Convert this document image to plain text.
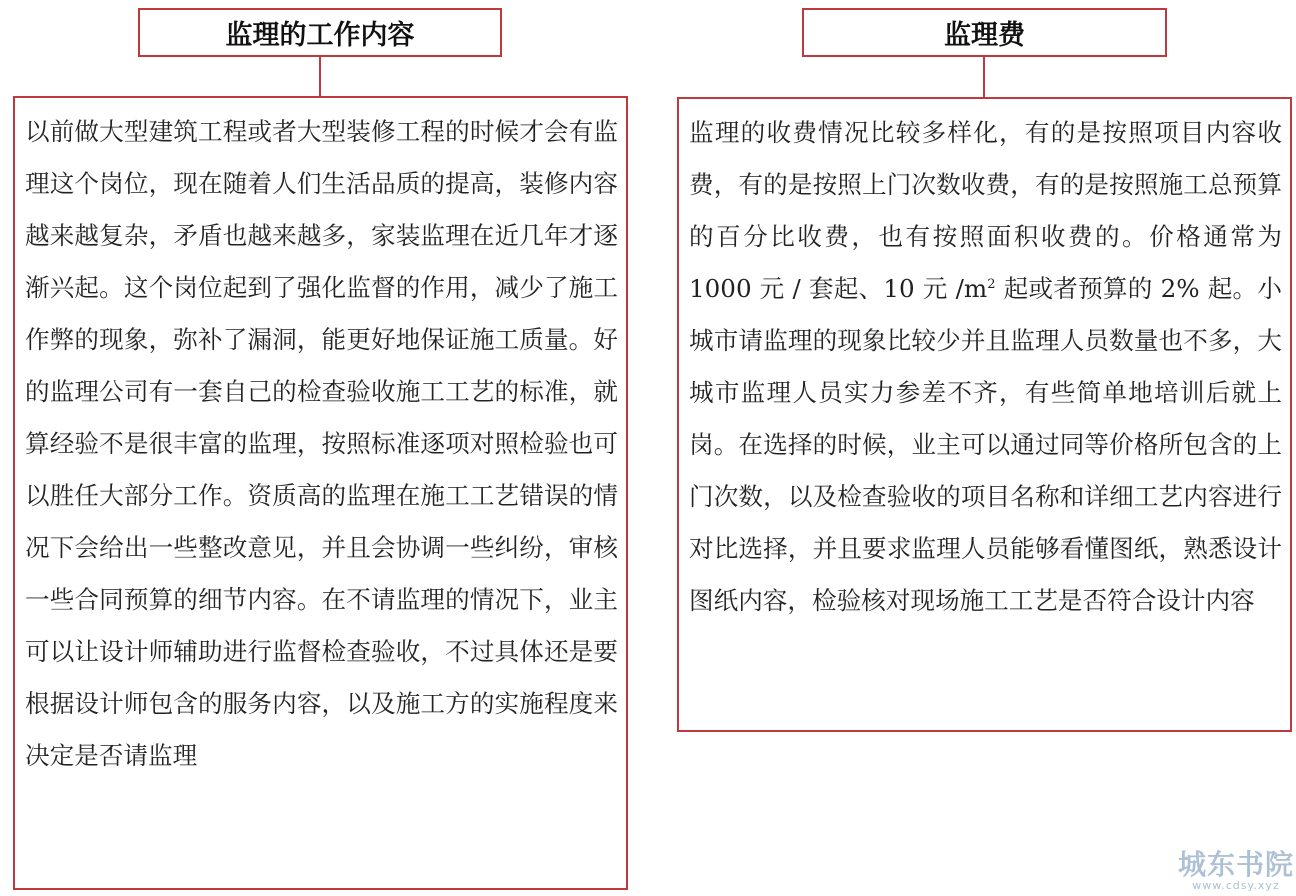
监理的工作内容

以前做大型建筑工程或者大型装修工程的时候才会有监理这个岗位，现在随着人们生活品质的提高，装修内容越来越复杂，矛盾也越来越多，家装监理在近几年才逐渐兴起。这个岗位起到了强化监督的作用，减少了施工作弊的现象，弥补了漏洞，能更好地保证施工质量。好的监理公司有一套自己的检查验收施工工艺的标准，就算经验不是很丰富的监理，按照标准逐项对照检验也可以胜任大部分工作。资质高的监理在施工工艺错误的情况下会给出一些整改意见，并且会协调一些纠纷，审核一些合同预算的细节内容。在不请监理的情况下，业主可以让设计师辅助进行监督检查验收，不过具体还是要根据设计师包含的服务内容，以及施工方的实施程度来决定是否请监理

监理费

监理的收费情况比较多样化，有的是按照项目内容收费，有的是按照上门次数收费，有的是按照施工总预算的百分比收费，也有按照面积收费的。价格通常为 1000 元 / 套起、10 元 $/m^2$ 起或者预算的 2% 起。小城市请监理的现象比较少并且监理人员数量也不多，大城市监理人员实力参差不齐，有些简单地培训后就上岗。在选择的时候，业主可以通过同等价格所包含的上门次数，以及检查验收的项目名称和详细工艺内容进行对比选择，并且要求监理人员能够看懂图纸，熟悉设计图纸内容，检验核对现场施工工艺是否符合设计内容

城东书院
www.cdsy.xyz
